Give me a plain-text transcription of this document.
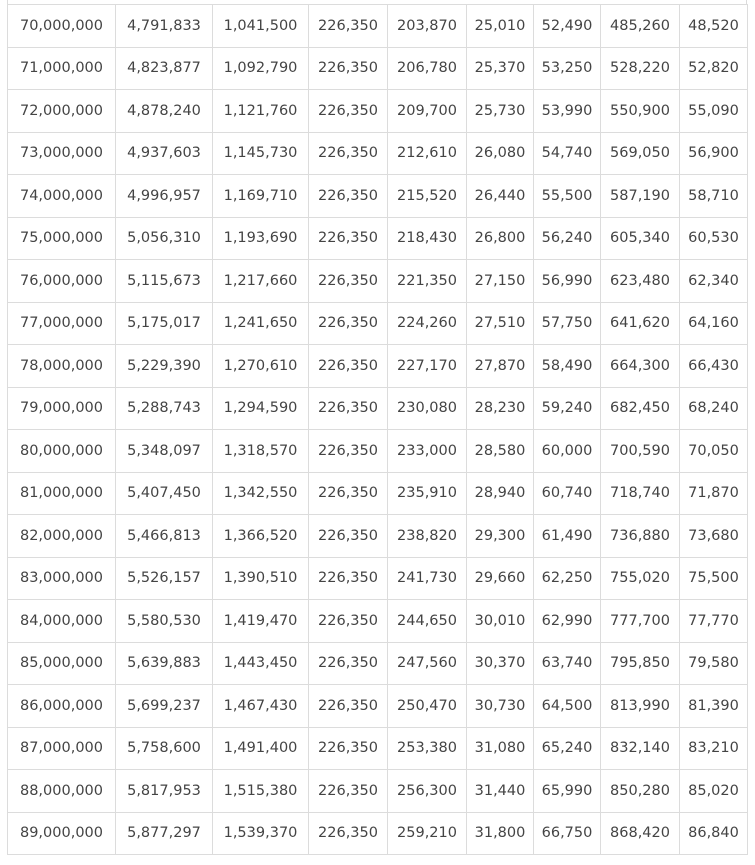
70,000,000	4,791,833	1,041,500	226,350	203,870	25,010	52,490	485,260	48,520
71,000,000	4,823,877	1,092,790	226,350	206,780	25,370	53,250	528,220	52,820
72,000,000	4,878,240	1,121,760	226,350	209,700	25,730	53,990	550,900	55,090
73,000,000	4,937,603	1,145,730	226,350	212,610	26,080	54,740	569,050	56,900
74,000,000	4,996,957	1,169,710	226,350	215,520	26,440	55,500	587,190	58,710
75,000,000	5,056,310	1,193,690	226,350	218,430	26,800	56,240	605,340	60,530
76,000,000	5,115,673	1,217,660	226,350	221,350	27,150	56,990	623,480	62,340
77,000,000	5,175,017	1,241,650	226,350	224,260	27,510	57,750	641,620	64,160
78,000,000	5,229,390	1,270,610	226,350	227,170	27,870	58,490	664,300	66,430
79,000,000	5,288,743	1,294,590	226,350	230,080	28,230	59,240	682,450	68,240
80,000,000	5,348,097	1,318,570	226,350	233,000	28,580	60,000	700,590	70,050
81,000,000	5,407,450	1,342,550	226,350	235,910	28,940	60,740	718,740	71,870
82,000,000	5,466,813	1,366,520	226,350	238,820	29,300	61,490	736,880	73,680
83,000,000	5,526,157	1,390,510	226,350	241,730	29,660	62,250	755,020	75,500
84,000,000	5,580,530	1,419,470	226,350	244,650	30,010	62,990	777,700	77,770
85,000,000	5,639,883	1,443,450	226,350	247,560	30,370	63,740	795,850	79,580
86,000,000	5,699,237	1,467,430	226,350	250,470	30,730	64,500	813,990	81,390
87,000,000	5,758,600	1,491,400	226,350	253,380	31,080	65,240	832,140	83,210
88,000,000	5,817,953	1,515,380	226,350	256,300	31,440	65,990	850,280	85,020
89,000,000	5,877,297	1,539,370	226,350	259,210	31,800	66,750	868,420	86,840
